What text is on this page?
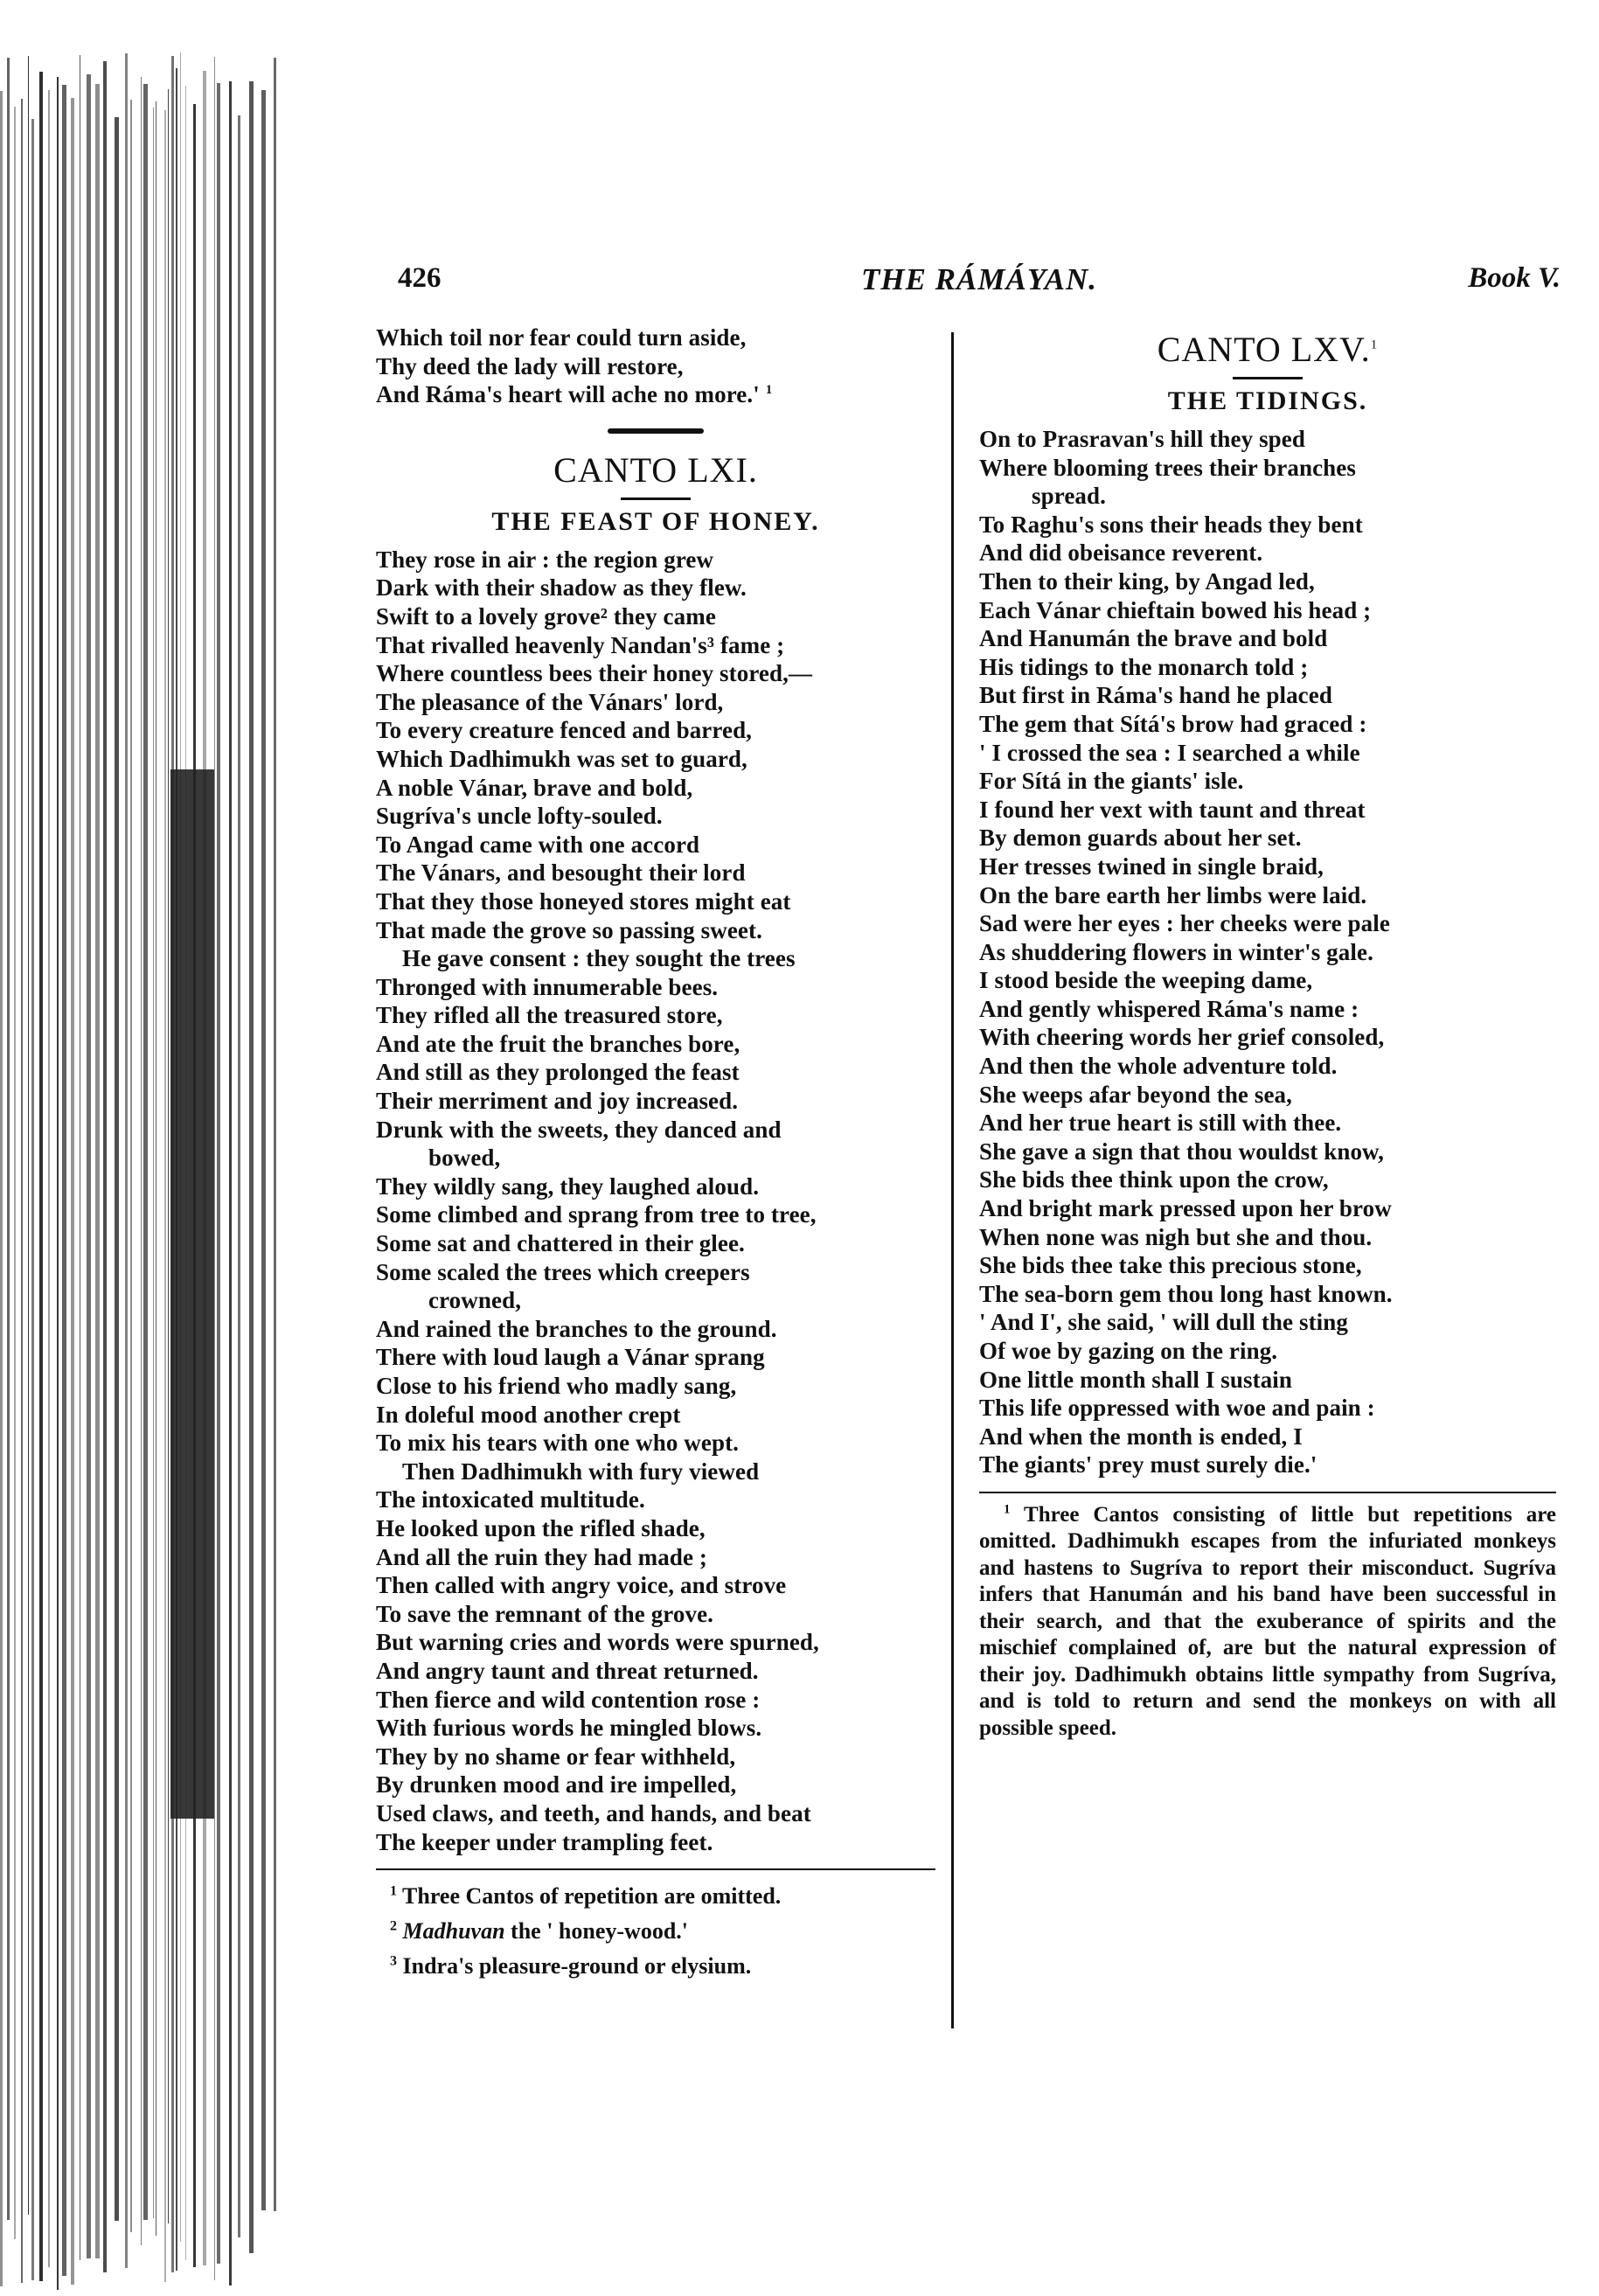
426	THE RÁMÁYAN.	Book V.
Which toil nor fear could turn aside,
Thy deed the lady will restore,
And Ráma's heart will ache no more.' $^1$
CANTO LXI.
THE FEAST OF HONEY.
They rose in air : the region grew
Dark with their shadow as they flew.
Swift to a lovely grove² they came
That rivalled heavenly Nandan's³ fame ;
Where countless bees their honey stored,—
The pleasance of the Vánars' lord,
To every creature fenced and barred,
Which Dadhimukh was set to guard,
A noble Vánar, brave and bold,
Sugríva's uncle lofty-souled.
To Angad came with one accord
The Vánars, and besought their lord
That they those honeyed stores might eat
That made the grove so passing sweet.
He gave consent : they sought the trees
Thronged with innumerable bees.
They rifled all the treasured store,
And ate the fruit the branches bore,
And still as they prolonged the feast
Their merriment and joy increased.
Drunk with the sweets, they danced and
bowed,
They wildly sang, they laughed aloud.
Some climbed and sprang from tree to tree,
Some sat and chattered in their glee.
Some scaled the trees which creepers
crowned,
And rained the branches to the ground.
There with loud laugh a Vánar sprang
Close to his friend who madly sang,
In doleful mood another crept
To mix his tears with one who wept.
Then Dadhimukh with fury viewed
The intoxicated multitude.
He looked upon the rifled shade,
And all the ruin they had made ;
Then called with angry voice, and strove
To save the remnant of the grove.
But warning cries and words were spurned,
And angry taunt and threat returned.
Then fierce and wild contention rose :
With furious words he mingled blows.
They by no shame or fear withheld,
By drunken mood and ire impelled,
Used claws, and teeth, and hands, and beat
The keeper under trampling feet.
$^1$ Three Cantos of repetition are omitted.
$^2$ Madhuvan the ' honey-wood.'
$^3$ Indra's pleasure-ground or elysium.
CANTO LXV.$^1$
THE TIDINGS.
On to Prasravan's hill they sped
Where blooming trees their branches
spread.
To Raghu's sons their heads they bent
And did obeisance reverent.
Then to their king, by Angad led,
Each Vánar chieftain bowed his head ;
And Hanumán the brave and bold
His tidings to the monarch told ;
But first in Ráma's hand he placed
The gem that Sítá's brow had graced :
' I crossed the sea : I searched a while
For Sítá in the giants' isle.
I found her vext with taunt and threat
By demon guards about her set.
Her tresses twined in single braid,
On the bare earth her limbs were laid.
Sad were her eyes : her cheeks were pale
As shuddering flowers in winter's gale.
I stood beside the weeping dame,
And gently whispered Ráma's name :
With cheering words her grief consoled,
And then the whole adventure told.
She weeps afar beyond the sea,
And her true heart is still with thee.
She gave a sign that thou wouldst know,
She bids thee think upon the crow,
And bright mark pressed upon her brow
When none was nigh but she and thou.
She bids thee take this precious stone,
The sea-born gem thou long hast known.
' And I', she said, ' will dull the sting
Of woe by gazing on the ring.
One little month shall I sustain
This life oppressed with woe and pain :
And when the month is ended, I
The giants' prey must surely die.'
$^1$ Three Cantos consisting of little but repetitions are omitted. Dadhimukh escapes from the infuriated monkeys and hastens to Sugríva to report their misconduct. Sugríva infers that Hanumán and his band have been successful in their search, and that the exuberance of spirits and the mischief complained of, are but the natural expression of their joy. Dadhimukh obtains little sympathy from Sugríva, and is told to return and send the monkeys on with all possible speed.
